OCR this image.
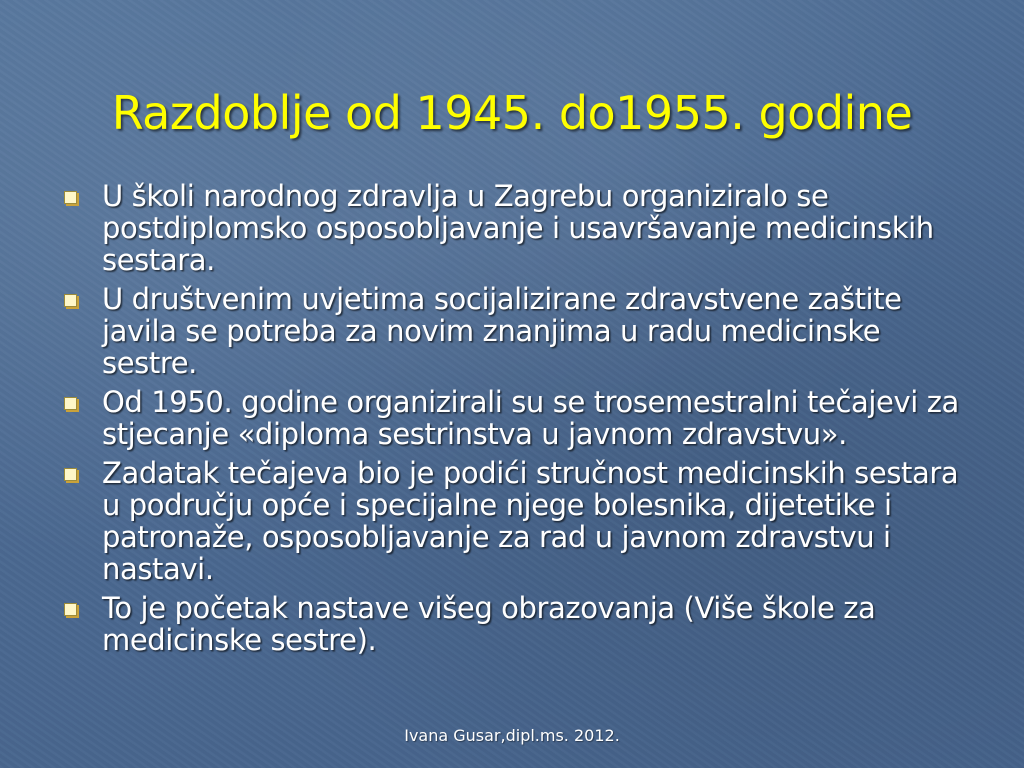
Razdoblje od 1945. do1955. godine
U školi narodnog zdravlja u Zagrebu organiziralo se postdiplomsko osposobljavanje i usavršavanje medicinskih sestara.
U društvenim uvjetima socijalizirane zdravstvene zaštite javila se potreba za novim znanjima u radu medicinske sestre.
Od 1950. godine organizirali su se trosemestralni tečajevi za stjecanje «diploma sestrinstva u javnom zdravstvu».
Zadatak tečajeva bio je podići stručnost medicinskih sestara u području opće i specijalne njege bolesnika, dijetetike i patronaže, osposobljavanje za rad u javnom zdravstvu i nastavi.
To je početak nastave višeg obrazovanja (Više škole za medicinske sestre).
Ivana Gusar,dipl.ms. 2012.
